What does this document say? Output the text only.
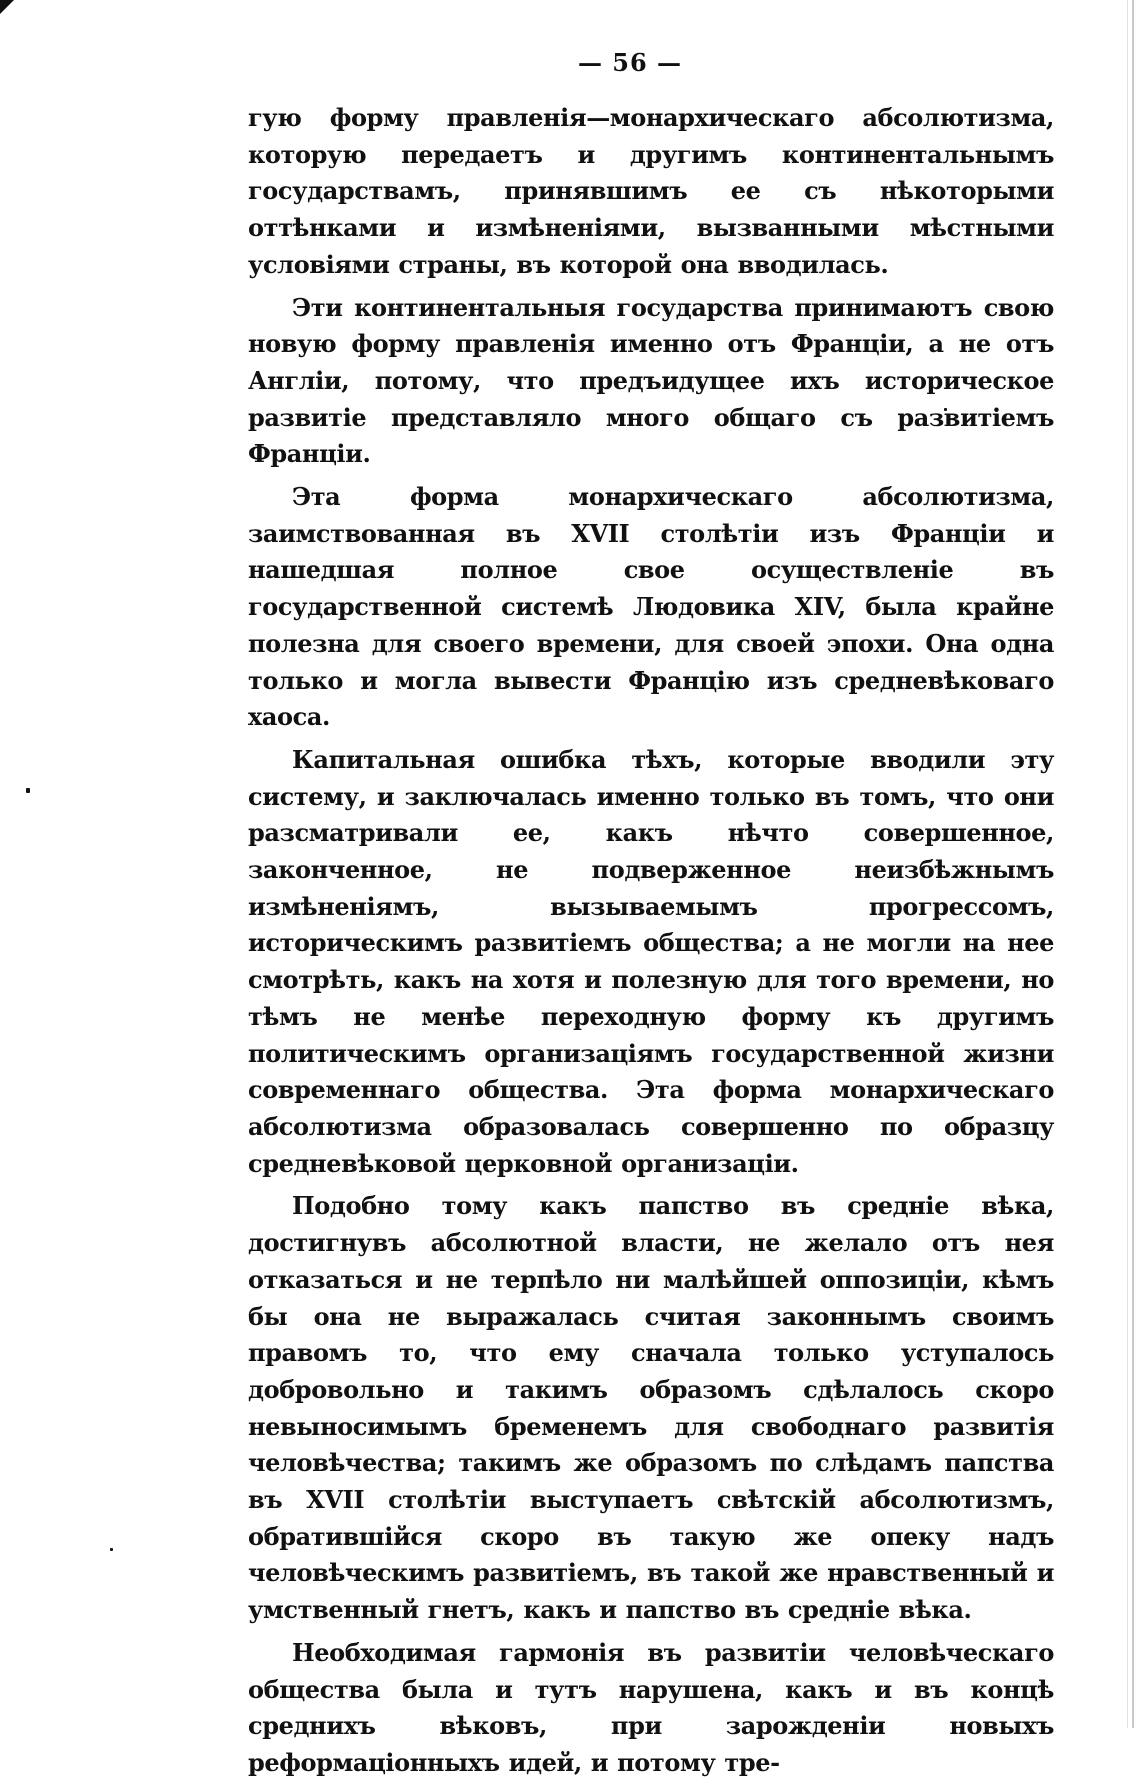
— 56 —

гую форму правленія—монархическаго абсолютизма, которую передаетъ и другимъ континентальнымъ государствамъ, принявшимъ ее съ нѣкоторыми оттѣнками и измѣненіями, вызванными мѣстными условіями страны, въ которой она вводилась.

Эти континентальныя государства принимаютъ свою новую форму правленія именно отъ Франціи, а не отъ Англіи, потому, что предъидущее ихъ историческое развитіе представляло много общаго съ развитіемъ Франціи.

Эта форма монархическаго абсолютизма, заимствованная въ XVII столѣтіи изъ Франціи и нашедшая полное свое осуществленіе въ государственной системѣ Людовика XIV, была крайне полезна для своего времени, для своей эпохи. Она одна только и могла вывести Францію изъ средневѣковаго хаоса.

Капитальная ошибка тѣхъ, которые вводили эту систему, и заключалась именно только въ томъ, что они разсматривали ее, какъ нѣчто совершенное, законченное, не подверженное неизбѣжнымъ измѣненіямъ, вызываемымъ прогрессомъ, историческимъ развитіемъ общества; а не могли на нее смотрѣть, какъ на хотя и полезную для того времени, но тѣмъ не менѣе переходную форму къ другимъ политическимъ организаціямъ государственной жизни современнаго общества. Эта форма монархическаго абсолютизма образовалась совершенно по образцу средневѣковой церковной организаціи.

Подобно тому какъ папство въ средніе вѣка, достигнувъ абсолютной власти, не желало отъ нея отказаться и не терпѣло ни малѣйшей оппозиціи, кѣмъ бы она не выражалась считая законнымъ своимъ правомъ то, что ему сначала только уступалось добровольно и такимъ образомъ сдѣлалось скоро невыносимымъ бременемъ для свободнаго развитія человѣчества; такимъ же образомъ по слѣдамъ папства въ XVII столѣтіи выступаетъ свѣтскій абсолютизмъ, обратившійся скоро въ такую же опеку надъ человѣческимъ развитіемъ, въ такой же нравственный и умственный гнетъ, какъ и папство въ средніе вѣка.

Необходимая гармонія въ развитіи человѣческаго общества была и тутъ нарушена, какъ и въ концѣ среднихъ вѣковъ, при зарожденіи новыхъ реформаціонныхъ идей, и потому тре-
